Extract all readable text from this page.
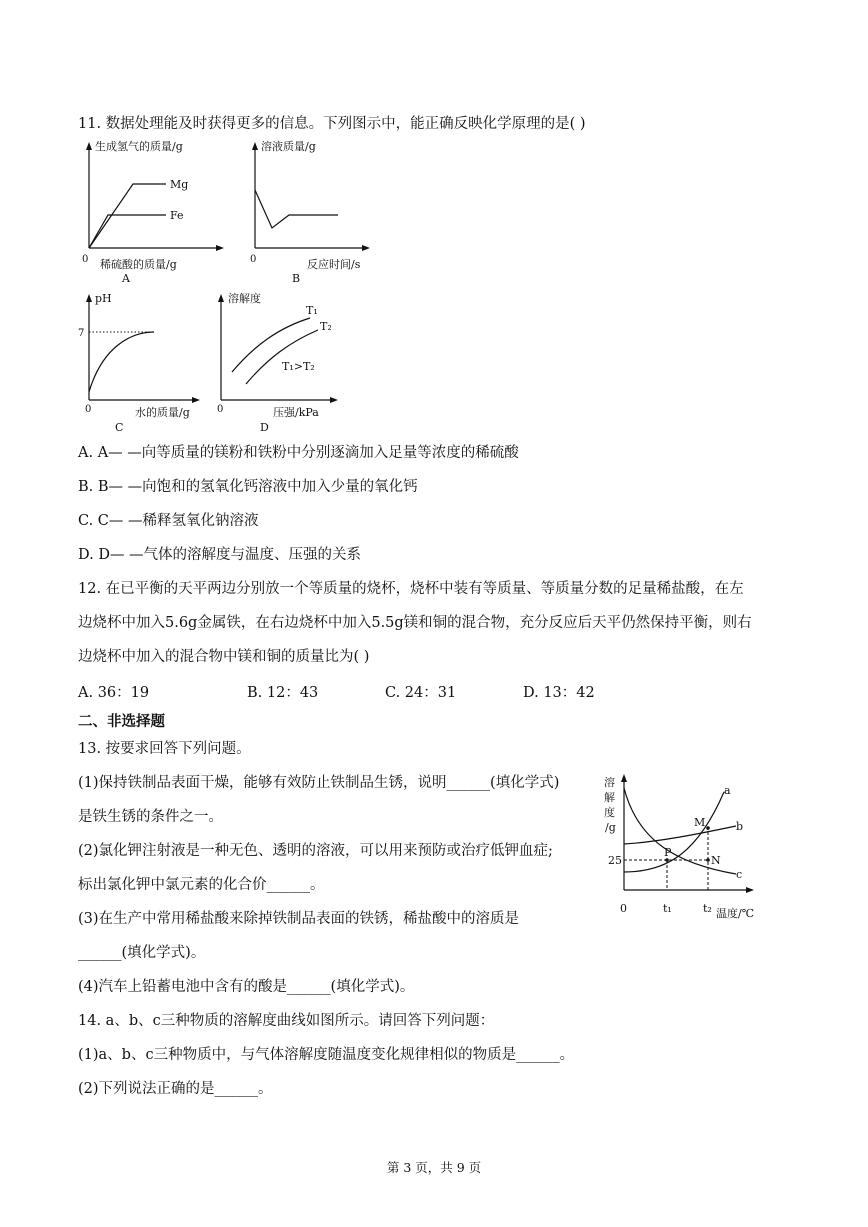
11. 数据处理能及时获得更多的信息。下列图示中，能正确反映化学原理的是( )
生成氢气的质量/g
Mg
Fe
0 稀硫酸的质量/g
A
溶液质量/g
0	反应时间/s
B
pH
7
0	水的质量/g
C
溶解度
T₁
T₂
T₁>T₂
0	压强/kPa
D
A. A— —向等质量的镁粉和铁粉中分别逐滴加入足量等浓度的稀硫酸
B. B— —向饱和的氢氧化钙溶液中加入少量的氧化钙
C. C— —稀释氢氧化钠溶液
D. D— —气体的溶解度与温度、压强的关系
12. 在已平衡的天平两边分别放一个等质量的烧杯，烧杯中装有等质量、等质量分数的足量稀盐酸，在左
边烧杯中加入5.6g金属铁，在右边烧杯中加入5.5g镁和铜的混合物，充分反应后天平仍然保持平衡，则右
边烧杯中加入的混合物中镁和铜的质量比为( )
A. 36：19	B. 12：43	C. 24：31	D. 13：42
二、非选择题
13. 按要求回答下列问题。
(1)保持铁制品表面干燥，能够有效防止铁制品生锈，说明______(填化学式)
是铁生锈的条件之一。
(2)氯化钾注射液是一种无色、透明的溶液，可以用来预防或治疗低钾血症;
标出氯化钾中氯元素的化合价______。
(3)在生产中常用稀盐酸来除掉铁制品表面的铁锈，稀盐酸中的溶质是
______(填化学式)。
(4)汽车上铅蓄电池中含有的酸是______(填化学式)。
溶
解
度
/g
25
0	t₁	t₂ 温度/℃
a
b
c
M
P
N
14. a、b、c三种物质的溶解度曲线如图所示。请回答下列问题：
(1)a、b、c三种物质中，与气体溶解度随温度变化规律相似的物质是______。
(2)下列说法正确的是______。
第 3 页，共 9 页
